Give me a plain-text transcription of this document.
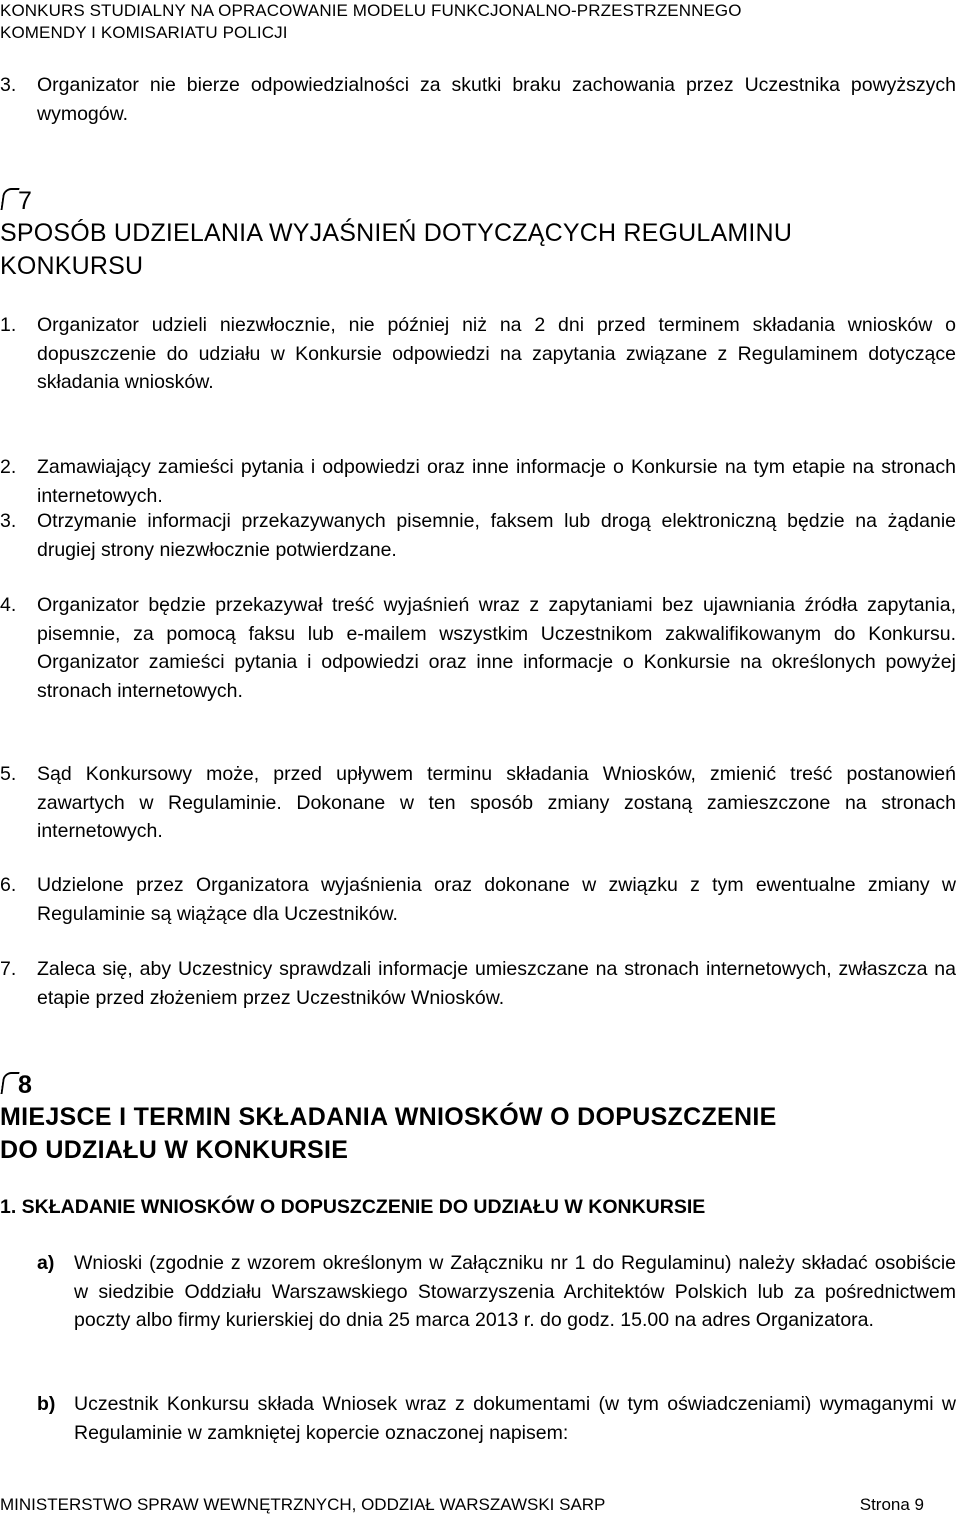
KONKURS STUDIALNY NA OPRACOWANIE MODELU FUNKCJONALNO-PRZESTRZENNEGO
KOMENDY I KOMISARIATU POLICJI
3.	Organizator nie bierze odpowiedzialności za skutki braku zachowania przez Uczestnika powyższych wymogów.
7
SPOSÓB UDZIELANIA WYJAŚNIEŃ DOTYCZĄCYCH REGULAMINU
KONKURSU
1.	Organizator udzieli niezwłocznie, nie później niż na 2 dni przed terminem składania wniosków o dopuszczenie do udziału w Konkursie odpowiedzi na zapytania związane z Regulaminem dotyczące składania wniosków.
2.	Zamawiający zamieści pytania i odpowiedzi oraz inne informacje o Konkursie na tym etapie na stronach internetowych.
3.	Otrzymanie informacji przekazywanych pisemnie, faksem lub drogą elektroniczną będzie na żądanie drugiej strony niezwłocznie potwierdzane.
4.	Organizator będzie przekazywał treść wyjaśnień wraz z zapytaniami bez ujawniania źródła zapytania, pisemnie, za pomocą faksu lub e-mailem wszystkim Uczestnikom zakwalifikowanym do Konkursu. Organizator zamieści pytania i odpowiedzi oraz inne informacje o Konkursie na określonych powyżej stronach internetowych.
5.	Sąd Konkursowy może, przed upływem terminu składania Wniosków, zmienić treść postanowień zawartych w Regulaminie. Dokonane w ten sposób zmiany zostaną zamieszczone na stronach internetowych.
6.	Udzielone przez Organizatora wyjaśnienia oraz dokonane w związku z tym ewentualne zmiany w Regulaminie są wiążące dla Uczestników.
7.	Zaleca się, aby Uczestnicy sprawdzali informacje umieszczane na stronach internetowych, zwłaszcza na etapie przed złożeniem przez Uczestników Wniosków.
8
MIEJSCE I TERMIN SKŁADANIA WNIOSKÓW O DOPUSZCZENIE
DO UDZIAŁU W KONKURSIE
1. SKŁADANIE WNIOSKÓW O DOPUSZCZENIE DO UDZIAŁU W KONKURSIE
a)	Wnioski (zgodnie z wzorem określonym w Załączniku nr 1 do Regulaminu) należy składać osobiście w siedzibie Oddziału Warszawskiego Stowarzyszenia Architektów Polskich lub za pośrednictwem poczty albo firmy kurierskiej do dnia 25 marca 2013 r. do godz. 15.00 na adres Organizatora.
b) Uczestnik Konkursu składa Wniosek wraz z dokumentami (w tym oświadczeniami) wymaganymi w Regulaminie w zamkniętej kopercie oznaczonej napisem:
MINISTERSTWO SPRAW WEWNĘTRZNYCH, ODDZIAŁ WARSZAWSKI SARP	Strona 9
